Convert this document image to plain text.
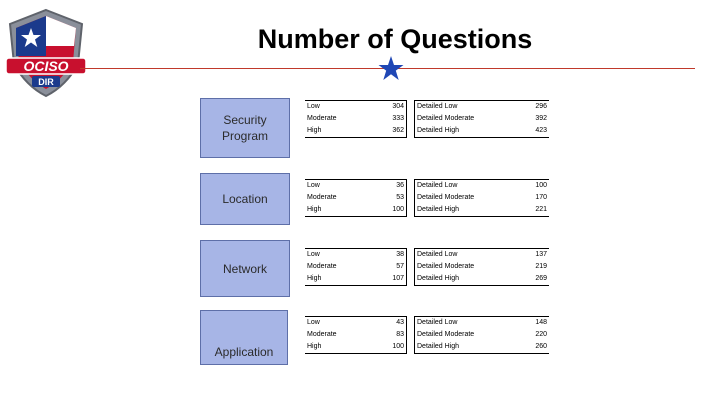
OCISO
DIR
Number of Questions
Security
Program
Low	304
Moderate	333
High	362
Detailed Low	296
Detailed Moderate	392
Detailed High	423
Location
Low	36
Moderate	53
High	100
Detailed Low	100
Detailed Moderate	170
Detailed High	221
Network
Low	38
Moderate	57
High	107
Detailed Low	137
Detailed Moderate	219
Detailed High	269
Application
Low	43
Moderate	83
High	100
Detailed Low	148
Detailed Moderate	220
Detailed High	260
